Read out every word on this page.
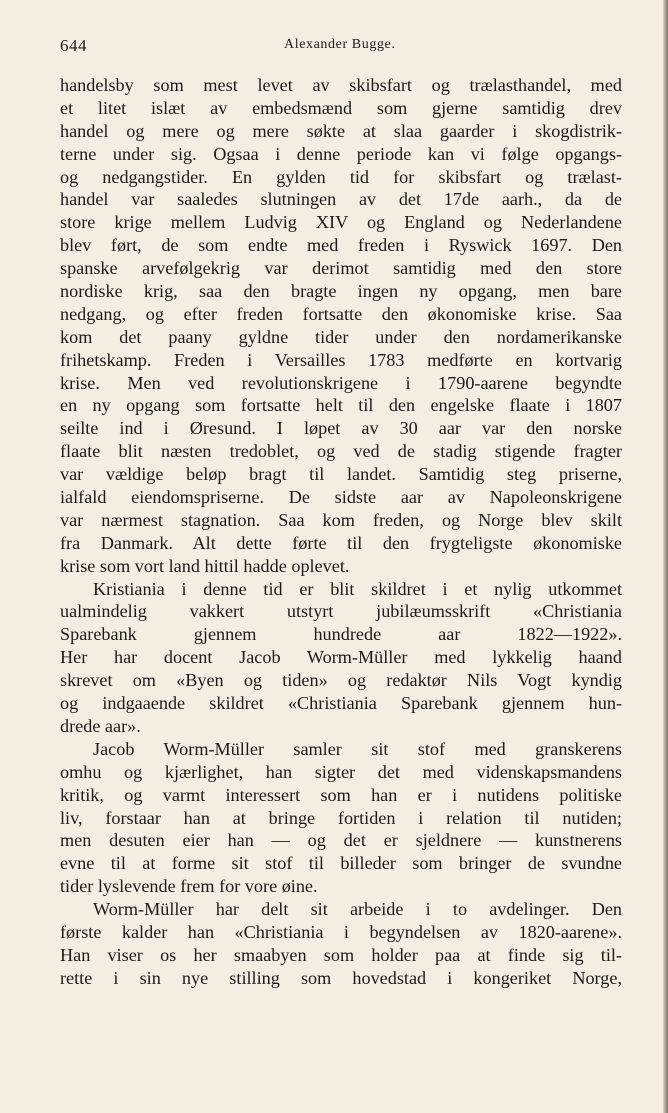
644	Alexander Bugge.
handelsby som mest levet av skibsfart og trælasthandel, med
et litet islæt av embedsmænd som gjerne samtidig drev
handel og mere og mere søkte at slaa gaarder i skogdistrik-
terne under sig. Ogsaa i denne periode kan vi følge opgangs-
og nedgangstider. En gylden tid for skibsfart og trælast-
handel var saaledes slutningen av det 17de aarh., da de
store krige mellem Ludvig XIV og England og Nederlandene
blev ført, de som endte med freden i Ryswick 1697. Den
spanske arvefølgekrig var derimot samtidig med den store
nordiske krig, saa den bragte ingen ny opgang, men bare
nedgang, og efter freden fortsatte den økonomiske krise. Saa
kom det paany gyldne tider under den nordamerikanske
frihetskamp. Freden i Versailles 1783 medførte en kortvarig
krise. Men ved revolutionskrigene i 1790-aarene begyndte
en ny opgang som fortsatte helt til den engelske flaate i 1807
seilte ind i Øresund. I løpet av 30 aar var den norske
flaate blit næsten tredoblet, og ved de stadig stigende fragter
var vældige beløp bragt til landet. Samtidig steg priserne,
ialfald eiendomspriserne. De sidste aar av Napoleonskrigene
var nærmest stagnation. Saa kom freden, og Norge blev skilt
fra Danmark. Alt dette førte til den frygteligste økonomiske
krise som vort land hittil hadde oplevet.
Kristiania i denne tid er blit skildret i et nylig utkommet
ualmindelig vakkert utstyrt jubilæumsskrift «Christiania
Sparebank gjennem hundrede aar 1822—1922».
Her har docent Jacob Worm-Müller med lykkelig haand
skrevet om «Byen og tiden» og redaktør Nils Vogt kyndig
og indgaaende skildret «Christiania Sparebank gjennem hun-
drede aar».
Jacob Worm-Müller samler sit stof med granskerens
omhu og kjærlighet, han sigter det med videnskapsmandens
kritik, og varmt interessert som han er i nutidens politiske
liv, forstaar han at bringe fortiden i relation til nutiden;
men desuten eier han — og det er sjeldnere — kunstnerens
evne til at forme sit stof til billeder som bringer de svundne
tider lyslevende frem for vore øine.
Worm-Müller har delt sit arbeide i to avdelinger. Den
første kalder han «Christiania i begyndelsen av 1820-aarene».
Han viser os her smaabyen som holder paa at finde sig til-
rette i sin nye stilling som hovedstad i kongeriket Norge,
